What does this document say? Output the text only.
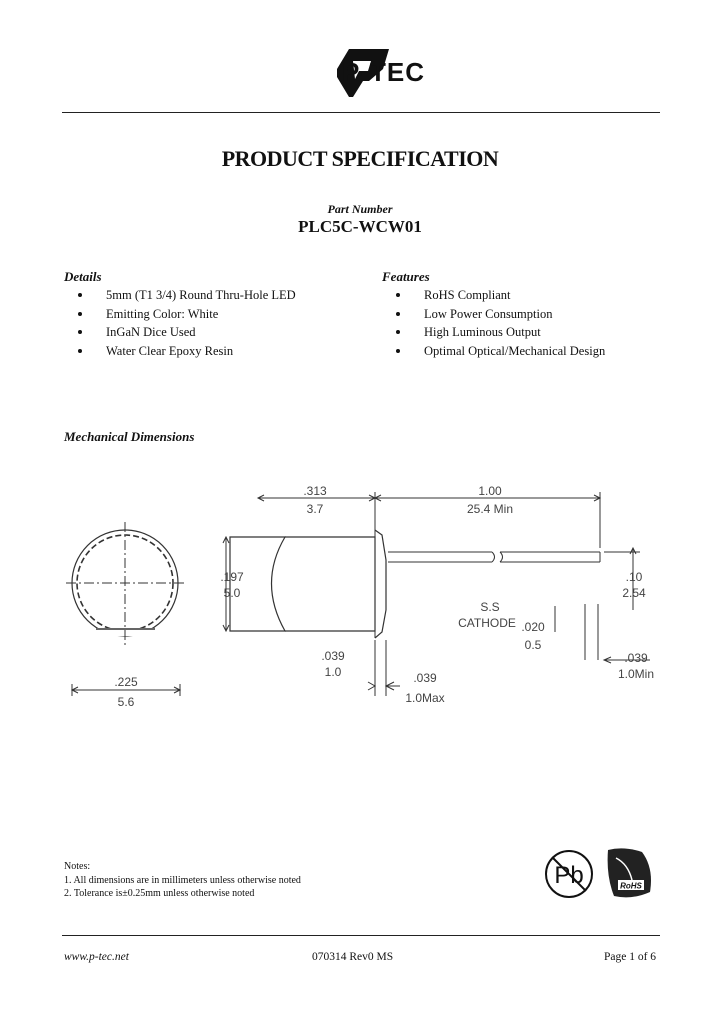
P-TEC
PRODUCT SPECIFICATION
Part Number
PLC5C-WCW01
Details
5mm (T1 3/4) Round Thru-Hole LED
Emitting Color: White
InGaN Dice Used
Water Clear Epoxy Resin
Features
RoHS Compliant
Low Power Consumption
High Luminous Output
Optimal Optical/Mechanical Design
Mechanical Dimensions
.313
3.7
1.00
25.4 Min
.197
5.0
.10
2.54
S.S
CATHODE .020
0.5
.039
1.0
.039
1.0Min
.039
1.0Max
.225
5.6
Notes:
1. All dimensions are in millimeters unless otherwise noted
2. Tolerance is±0.25mm unless otherwise noted
Pb	RoHS
www.p-tec.net	070314 Rev0 MS	Page 1 of 6
